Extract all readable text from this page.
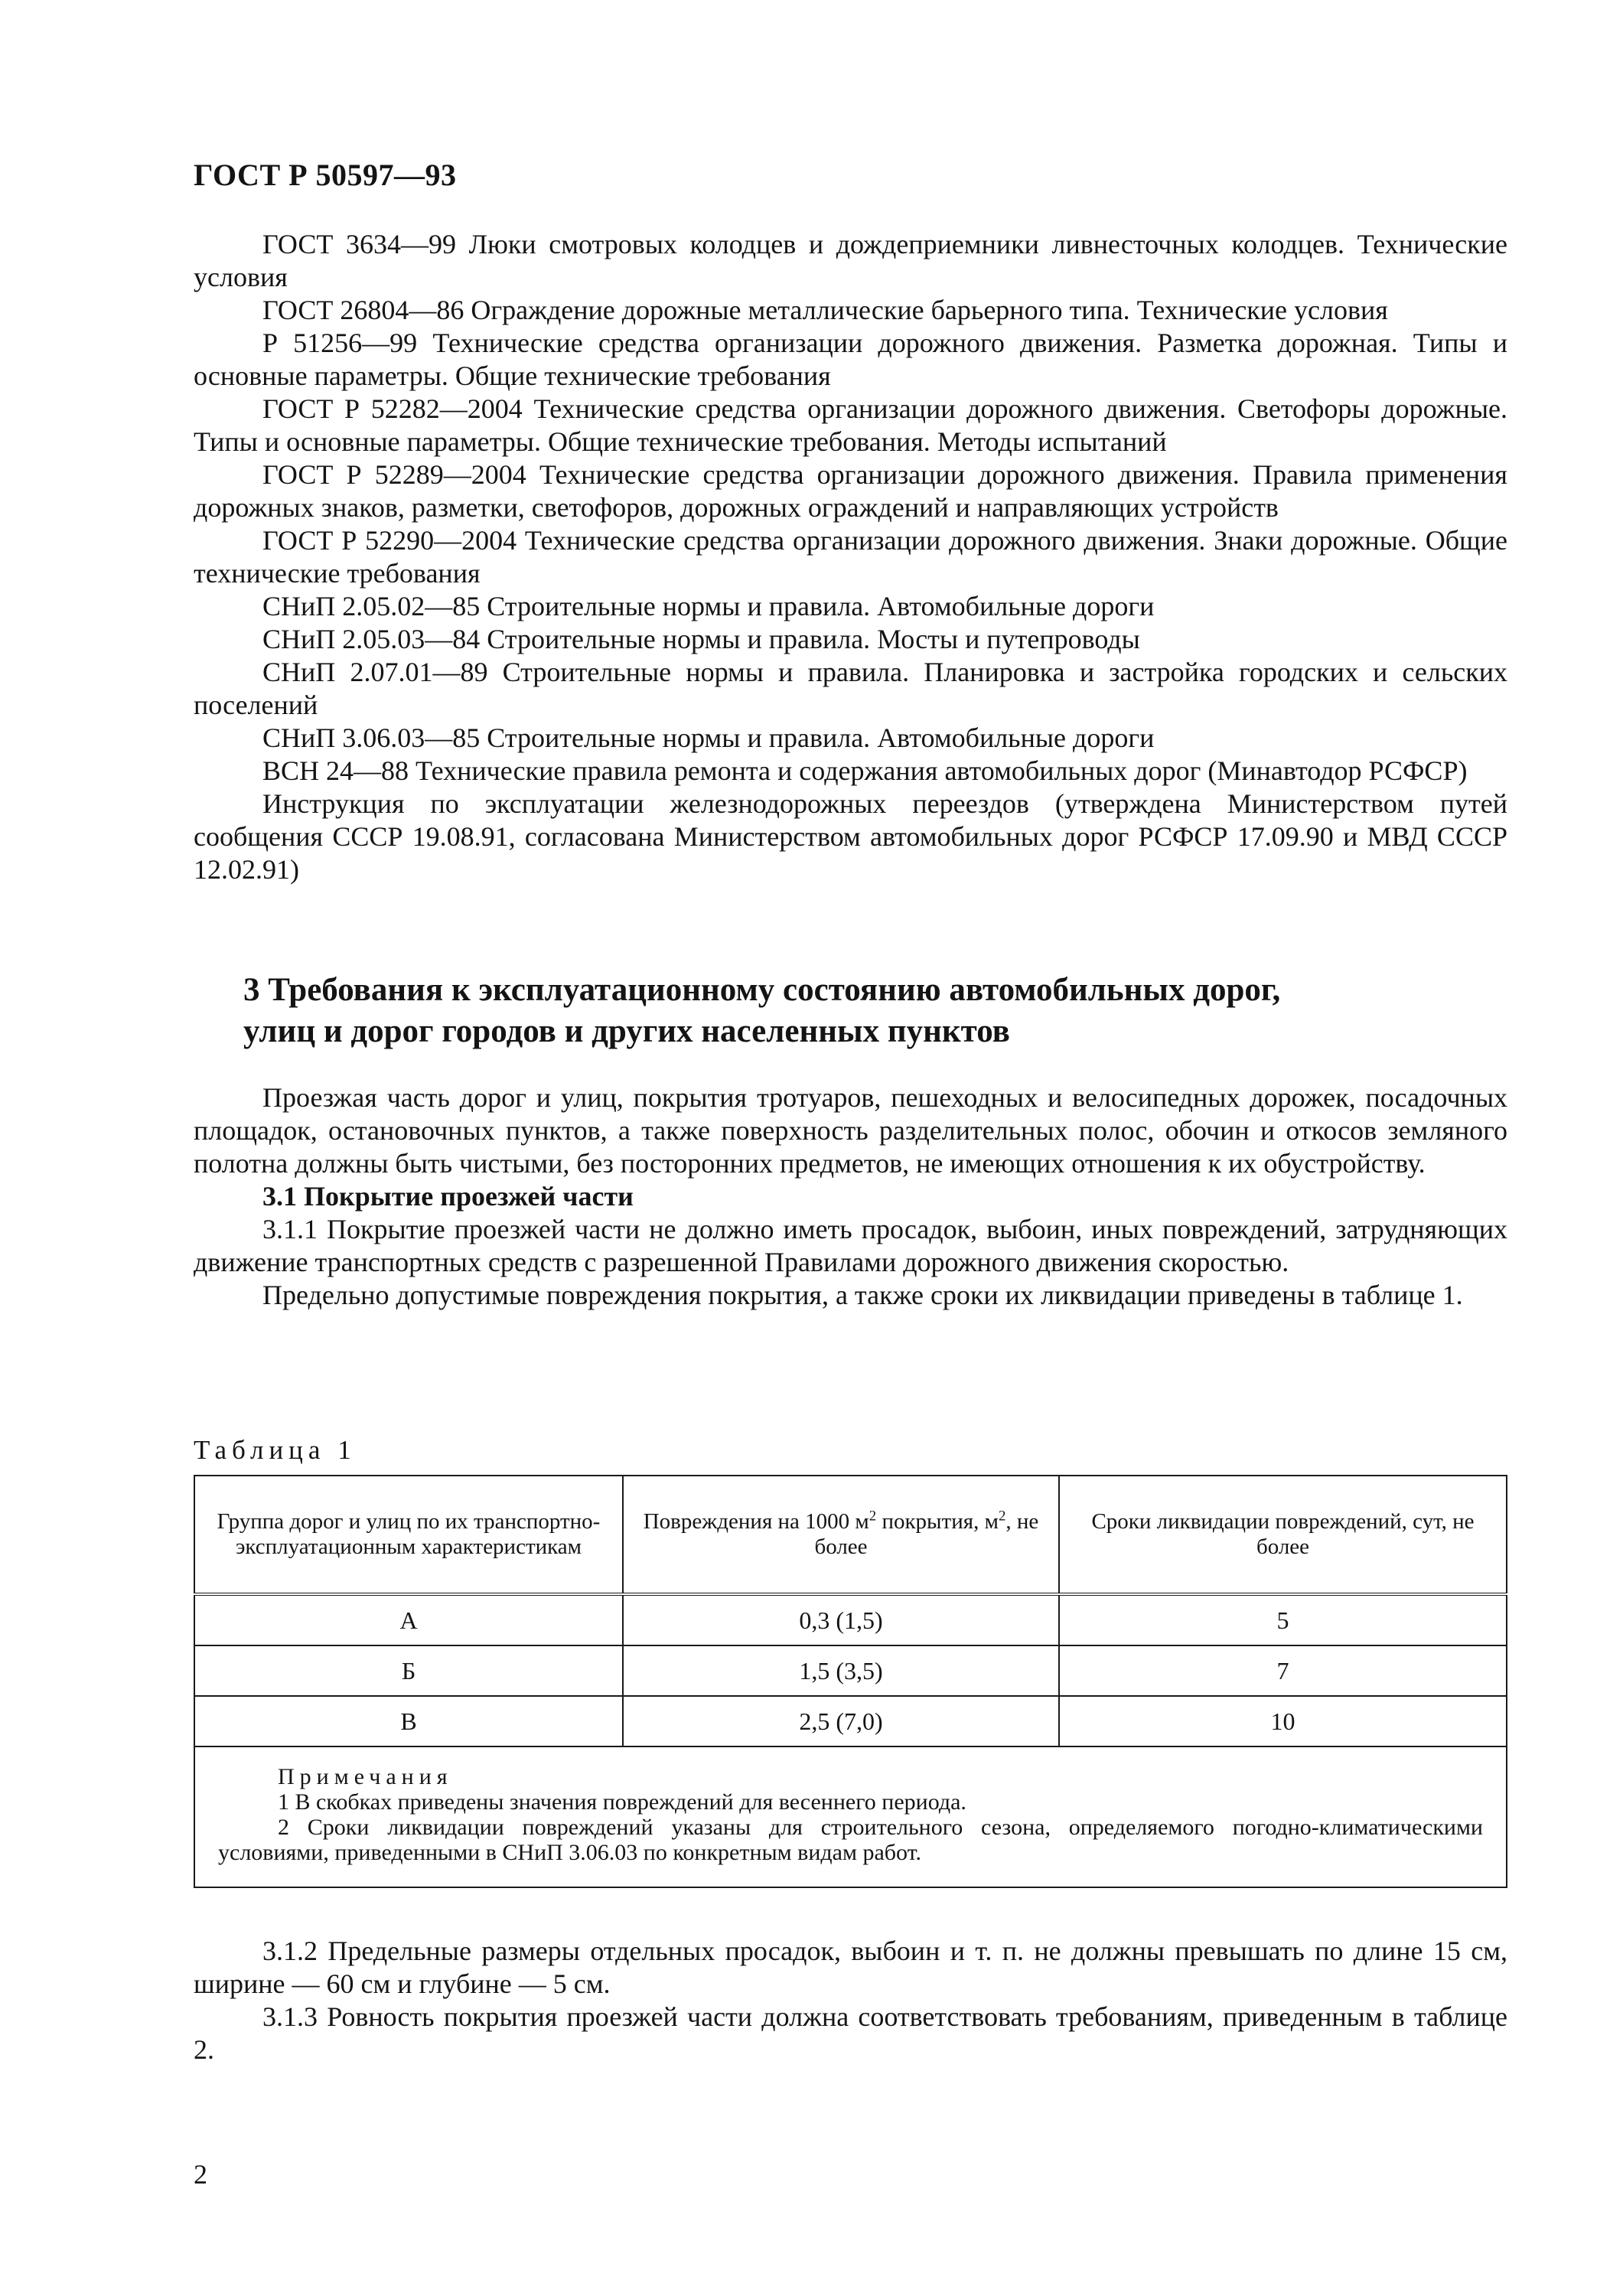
ГОСТ Р 50597—93

ГОСТ 3634—99 Люки смотровых колодцев и дождеприемники ливнесточных колодцев. Технические условия

ГОСТ 26804—86 Ограждение дорожные металлические барьерного типа. Технические условия

Р 51256—99 Технические средства организации дорожного движения. Разметка дорожная. Типы и основные параметры. Общие технические требования

ГОСТ Р 52282—2004 Технические средства организации дорожного движения. Светофоры дорожные. Типы и основные параметры. Общие технические требования. Методы испытаний

ГОСТ Р 52289—2004 Технические средства организации дорожного движения. Правила применения дорожных знаков, разметки, светофоров, дорожных ограждений и направляющих устройств

ГОСТ Р 52290—2004 Технические средства организации дорожного движения. Знаки дорожные. Общие технические требования

СНиП 2.05.02—85 Строительные нормы и правила. Автомобильные дороги

СНиП 2.05.03—84 Строительные нормы и правила. Мосты и путепроводы

СНиП 2.07.01—89 Строительные нормы и правила. Планировка и застройка городских и сельских поселений

СНиП 3.06.03—85 Строительные нормы и правила. Автомобильные дороги

ВСН 24—88 Технические правила ремонта и содержания автомобильных дорог (Минавтодор РСФСР)

Инструкция по эксплуатации железнодорожных переездов (утверждена Министерством путей сообщения СССР 19.08.91, согласована Министерством автомобильных дорог РСФСР 17.09.90 и МВД СССР 12.02.91)

3 Требования к эксплуатационному состоянию автомобильных дорог,
улиц и дорог городов и других населенных пунктов

Проезжая часть дорог и улиц, покрытия тротуаров, пешеходных и велосипедных дорожек, посадочных площадок, остановочных пунктов, а также поверхность разделительных полос, обочин и откосов земляного полотна должны быть чистыми, без посторонних предметов, не имеющих отношения к их обустройству.

3.1 Покрытие проезжей части

3.1.1 Покрытие проезжей части не должно иметь просадок, выбоин, иных повреждений, затрудняющих движение транспортных средств с разрешенной Правилами дорожного движения скоростью.

Предельно допустимые повреждения покрытия, а также сроки их ликвидации приведены в таблице 1.

Таблица 1
Группа дорог и улиц по их транспортно-эксплуатационным характеристикам	Повреждения на 1000 $м^2$ покрытия, $м^2$, не более	Сроки ликвидации повреждений, сут, не более
А	0,3 (1,5)	5
Б	1,5 (3,5)	7
В	2,5 (7,0)	10

Примечания

1 В скобках приведены значения повреждений для весеннего периода.

2 Сроки ликвидации повреждений указаны для строительного сезона, определяемого погодно-климатическими условиями, приведенными в СНиП 3.06.03 по конкретным видам работ.		

3.1.2 Предельные размеры отдельных просадок, выбоин и т. п. не должны превышать по длине 15 см, ширине — 60 см и глубине — 5 см.

3.1.3 Ровность покрытия проезжей части должна соответствовать требованиям, приведенным в таблице 2.

2
